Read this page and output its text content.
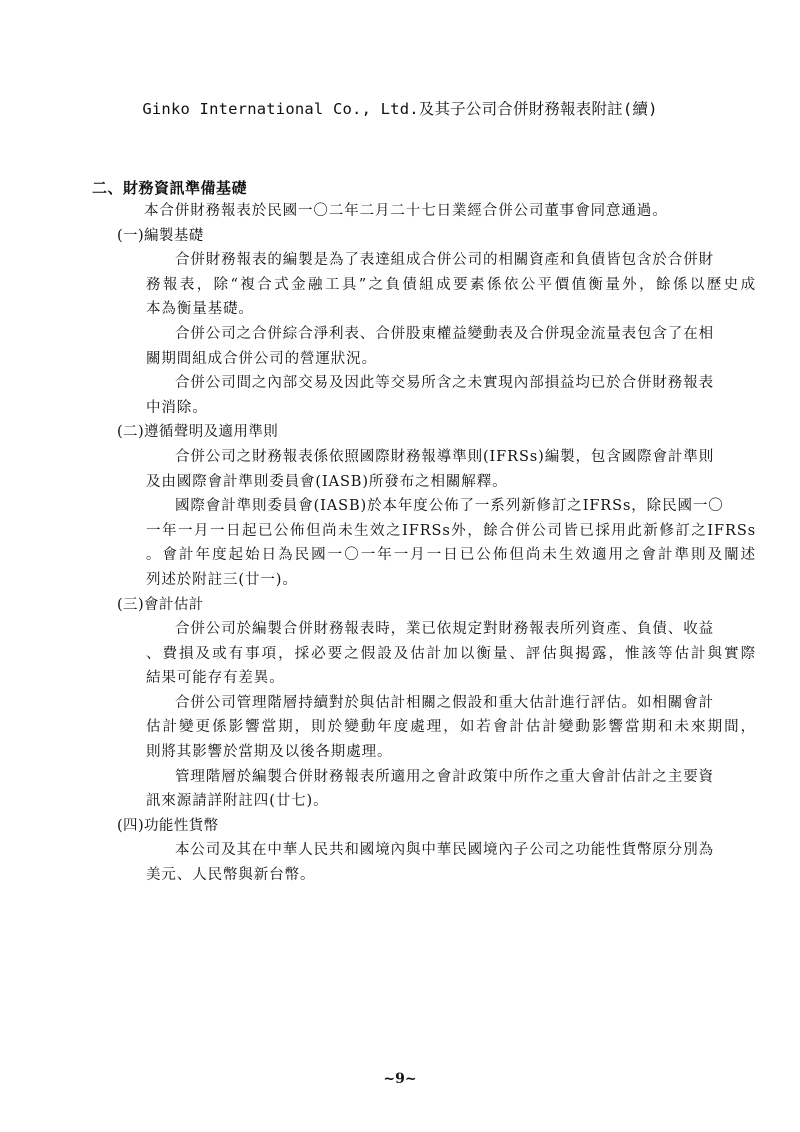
Ginko International Co., Ltd.及其子公司合併財務報表附註(續)
二、財務資訊準備基礎
本合併財務報表於民國一〇二年二月二十七日業經合併公司董事會同意通過。
(一)編製基礎
合併財務報表的編製是為了表達組成合併公司的相關資產和負債皆包含於合併財
務報表，除“複合式金融工具”之負債組成要素係依公平價值衡量外，餘係以歷史成
本為衡量基礎。
合併公司之合併綜合淨利表、合併股東權益變動表及合併現金流量表包含了在相
關期間組成合併公司的營運狀況。
合併公司間之內部交易及因此等交易所含之未實現內部損益均已於合併財務報表
中消除。
(二)遵循聲明及適用準則
合併公司之財務報表係依照國際財務報導準則(IFRSs)編製，包含國際會計準則
及由國際會計準則委員會(IASB)所發布之相關解釋。
國際會計準則委員會(IASB)於本年度公佈了一系列新修訂之IFRSs，除民國一〇
一年一月一日起已公佈但尚未生效之IFRSs外，餘合併公司皆已採用此新修訂之IFRSs
。會計年度起始日為民國一〇一年一月一日已公佈但尚未生效適用之會計準則及闡述
列述於附註三(廿一)。
(三)會計估計
合併公司於編製合併財務報表時，業已依規定對財務報表所列資產、負債、收益
、費損及或有事項，採必要之假設及估計加以衡量、評估與揭露，惟該等估計與實際
結果可能存有差異。
合併公司管理階層持續對於與估計相關之假設和重大估計進行評估。如相關會計
估計變更係影響當期，則於變動年度處理，如若會計估計變動影響當期和未來期間，
則將其影響於當期及以後各期處理。
管理階層於編製合併財務報表所適用之會計政策中所作之重大會計估計之主要資
訊來源請詳附註四(廿七)。
(四)功能性貨幣
本公司及其在中華人民共和國境內與中華民國境內子公司之功能性貨幣原分別為
美元、人民幣與新台幣。
~9~
